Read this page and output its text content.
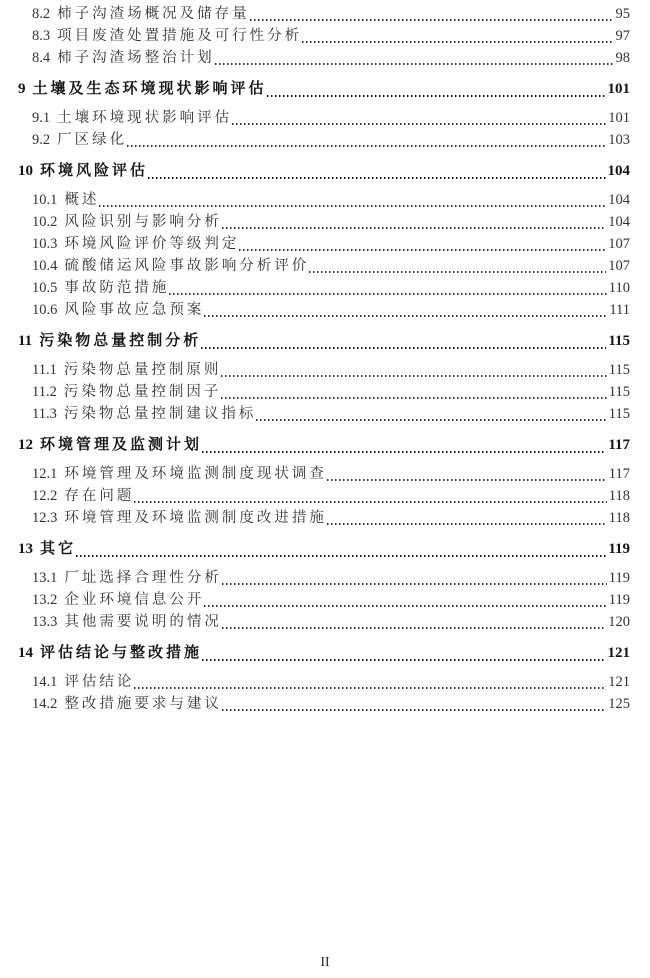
8.2 柿子沟渣场概况及储存量	95
8.3 项目废渣处置措施及可行性分析	97
8.4 柿子沟渣场整治计划	98
9 土壤及生态环境现状影响评估	101
9.1 土壤环境现状影响评估	101
9.2 厂区绿化	103
10 环境风险评估	104
10.1 概述	104
10.2 风险识别与影响分析	104
10.3 环境风险评价等级判定	107
10.4 硫酸储运风险事故影响分析评价	107
10.5 事故防范措施	110
10.6 风险事故应急预案	111
11 污染物总量控制分析	115
11.1 污染物总量控制原则	115
11.2 污染物总量控制因子	115
11.3 污染物总量控制建议指标	115
12 环境管理及监测计划	117
12.1 环境管理及环境监测制度现状调查	117
12.2 存在问题	118
12.3 环境管理及环境监测制度改进措施	118
13 其它	119
13.1 厂址选择合理性分析	119
13.2 企业环境信息公开	119
13.3 其他需要说明的情况	120
14 评估结论与整改措施	121
14.1 评估结论	121
14.2 整改措施要求与建议	125
II
